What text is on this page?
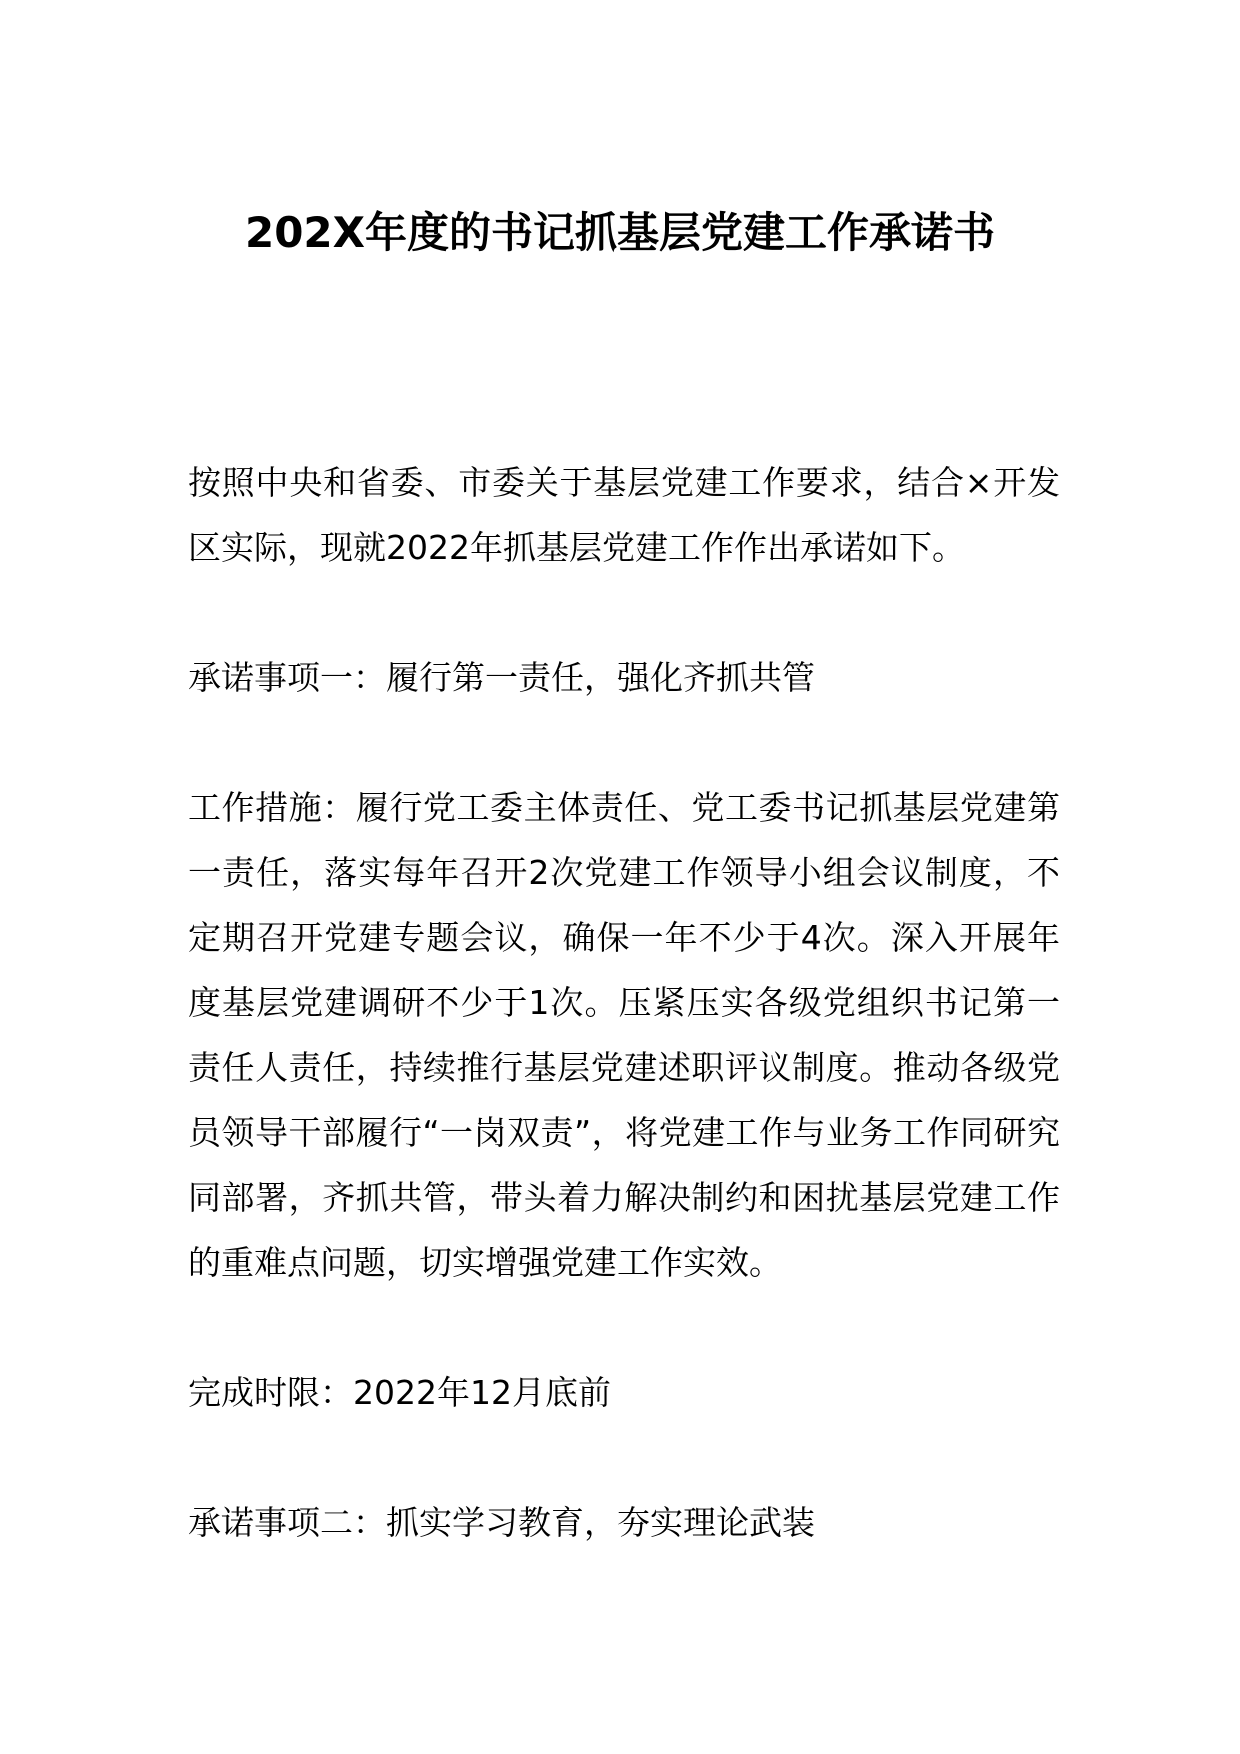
202X年度的书记抓基层党建工作承诺书

按照中央和省委、市委关于基层党建工作要求，结合×开发区实际，现就2022年抓基层党建工作作出承诺如下。

承诺事项一：履行第一责任，强化齐抓共管

工作措施：履行党工委主体责任、党工委书记抓基层党建第一责任，落实每年召开2次党建工作领导小组会议制度，不定期召开党建专题会议，确保一年不少于4次。深入开展年度基层党建调研不少于1次。压紧压实各级党组织书记第一责任人责任，持续推行基层党建述职评议制度。推动各级党员领导干部履行“一岗双责”，将党建工作与业务工作同研究同部署，齐抓共管，带头着力解决制约和困扰基层党建工作的重难点问题，切实增强党建工作实效。

完成时限：2022年12月底前

承诺事项二：抓实学习教育，夯实理论武装
